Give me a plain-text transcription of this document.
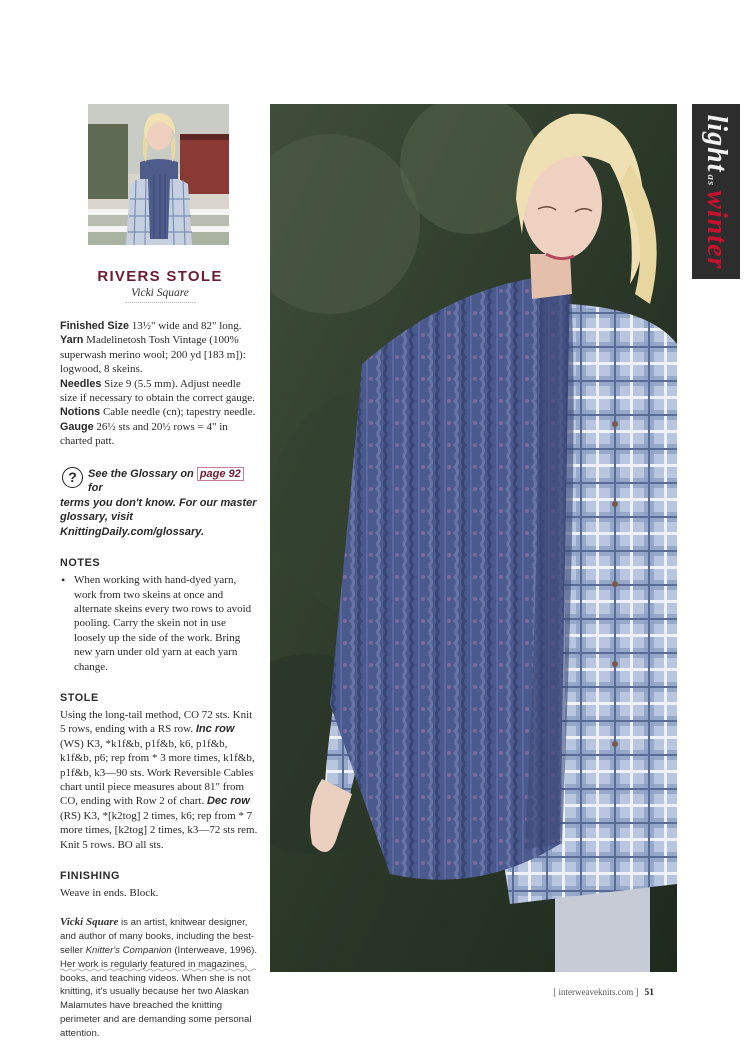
lightaswinter
RIVERS STOLE
Vicki Square
Finished Size 13½" wide and 82" long.
Yarn Madelinetosh Tosh Vintage (100% superwash merino wool; 200 yd [183 m]): logwood, 8 skeins.
Needles Size 9 (5.5 mm). Adjust needle size if necessary to obtain the correct gauge.
Notions Cable needle (cn); tapestry needle.
Gauge 26½ sts and 20½ rows = 4" in charted patt.
?	See the Glossary on page 92 for
terms you don't know. For our master glossary, visit KnittingDaily.com/glossary.
NOTES
• When working with hand-dyed yarn, work from two skeins at once and alternate skeins every two rows to avoid pooling. Carry the skein not in use loosely up the side of the work. Bring new yarn under old yarn at each yarn change.
STOLE
Using the long-tail method, CO 72 sts. Knit 5 rows, ending with a RS row. Inc row (WS) K3, *k1f&b, p1f&b, k6, p1f&b, k1f&b, p6; rep from * 3 more times, k1f&b, p1f&b, k3—90 sts. Work Reversible Cables chart until piece measures about 81" from CO, ending with Row 2 of chart. Dec row (RS) K3, *[k2tog] 2 times, k6; rep from * 7 more times, [k2tog] 2 times, k3—72 sts rem. Knit 5 rows. BO all sts.
FINISHING
Weave in ends. Block.
Vicki Square is an artist, knitwear designer, and author of many books, including the best-seller Knitter's Companion (Interweave, 1996). Her work is regularly featured in magazines, books, and teaching videos. When she is not knitting, it's usually because her two Alaskan Malamutes have breached the knitting perimeter and are demanding some personal attention.
[ interweaveknits.com ] 51
